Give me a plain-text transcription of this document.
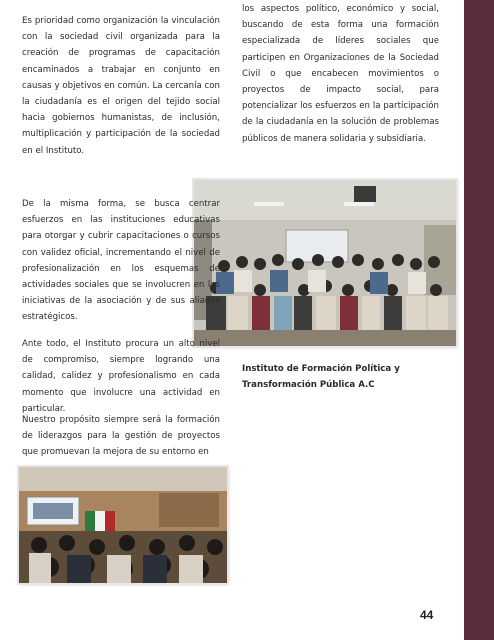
Es prioridad como organización la vinculación con la sociedad civil organizada para la creación de programas de capacitación encaminados a trabajar en conjunto en causas y objetivos en común. La cercanía con la ciudadanía es el origen del tejido social hacia gobiernos humanistas, de inclusión, multiplicación y participación de la sociedad en el Instituto.

los aspectos político, económico y social, buscando de esta forma una formación especializada de líderes sociales que participen en Organizaciones de la Sociedad Civil o que encabecen movimientos o proyectos de impacto social, para potencializar los esfuerzos en la participación de la ciudadanía en la solución de problemas públicos de manera solidaria y subsidiaria.

Instituto de Formación Política y Transformación Pública A.C

De la misma forma, se busca centrar esfuerzos en las instituciones educativas para otorgar y cubrir capacitaciones o cursos con validez oficial, incrementando el nivel de profesionalización en los esquemas de actividades sociales que se involucren en las iniciativas de la asociación y de sus aliados estratégicos.

Ante todo, el Instituto procura un alto nivel de compromiso, siempre logrando una calidad, calidez y profesionalismo en cada momento que involucre una actividad en particular.

Nuestro propósito siempre será la formación de liderazgos para la gestión de proyectos que promuevan la mejora de su entorno en

44
